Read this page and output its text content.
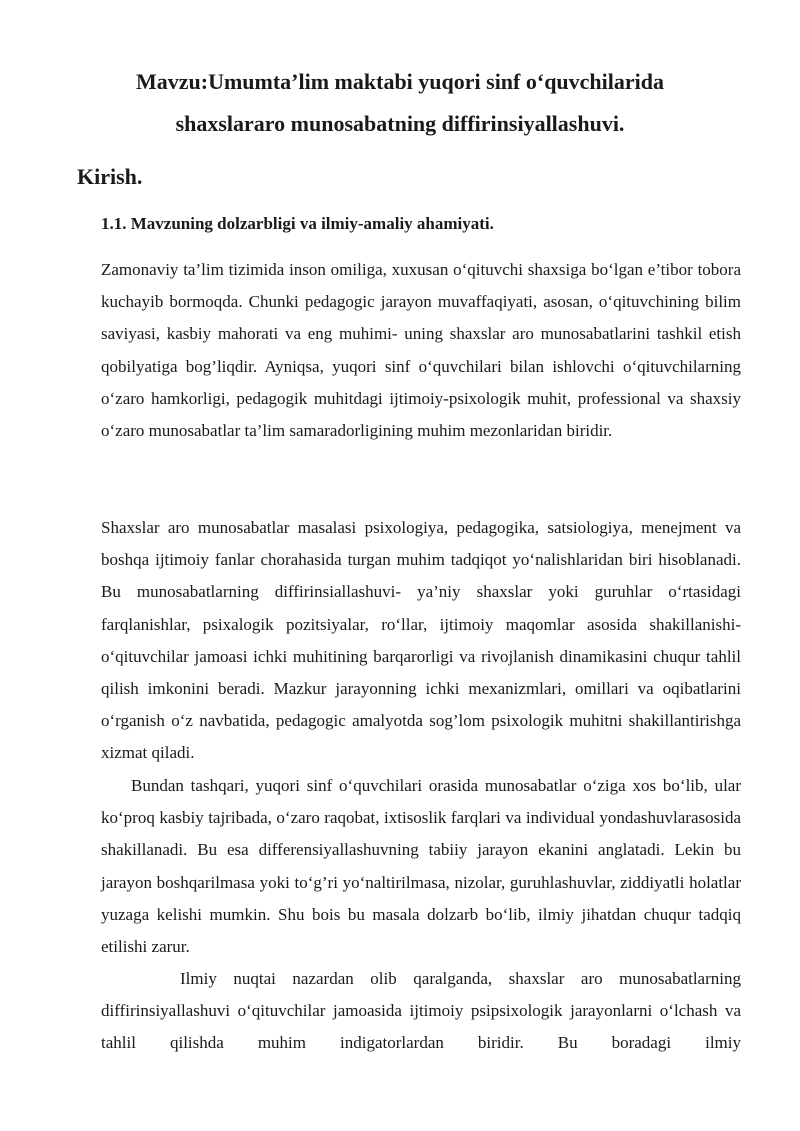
Mavzu:Umumta’lim maktabi yuqori sinf o‘quvchilarida
shaxslararo munosabatning diffirinsiyallashuvi.
Kirish.
1.1. Mavzuning dolzarbligi va ilmiy-amaliy ahamiyati.

Zamonaviy ta’lim tizimida inson omiliga, xuxusan o‘qituvchi shaxsiga bo‘lgan e’tibor tobora kuchayib bormoqda. Chunki pedagogic jarayon muvaffaqiyati, asosan, o‘qituvchining bilim saviyasi, kasbiy mahorati va eng muhimi- uning shaxslar aro munosabatlarini tashkil etish qobilyatiga bog’liqdir. Ayniqsa, yuqori sinf o‘quvchilari bilan ishlovchi o‘qituvchilarning o‘zaro hamkorligi, pedagogik muhitdagi ijtimoiy-psixologik muhit, professional va shaxsiy o‘zaro munosabatlar ta’lim samaradorligining muhim mezonlaridan biridir.

Shaxslar aro munosabatlar masalasi psixologiya, pedagogika, satsiologiya, menejment va boshqa ijtimoiy fanlar chorahasida turgan muhim tadqiqot yo‘nalishlaridan biri hisoblanadi. Bu munosabatlarning diffirinsiallashuvi- ya’niy shaxslar yoki guruhlar o‘rtasidagi farqlanishlar, psixalogik pozitsiyalar, ro‘llar, ijtimoiy maqomlar asosida shakillanishi- o‘qituvchilar jamoasi ichki muhitining barqarorligi va rivojlanish dinamikasini chuqur tahlil qilish imkonini beradi. Mazkur jarayonning ichki mexanizmlari, omillari va oqibatlarini o‘rganish o‘z navbatida, pedagogic amalyotda sog’lom psixologik muhitni shakillantirishga xizmat qiladi.

Bundan tashqari, yuqori sinf o‘quvchilari orasida munosabatlar o‘ziga xos bo‘lib, ular ko‘proq kasbiy tajribada, o‘zaro raqobat, ixtisoslik farqlari va individual yondashuvlarasosida shakillanadi. Bu esa differensiyallashuvning tabiiy jarayon ekanini anglatadi. Lekin bu jarayon boshqarilmasa yoki to‘g’ri yo‘naltirilmasa, nizolar, guruhlashuvlar, ziddiyatli holatlar yuzaga kelishi mumkin. Shu bois bu masala dolzarb bo‘lib, ilmiy jihatdan chuqur tadqiq etilishi zarur.

Ilmiy nuqtai nazardan olib qaralganda, shaxslar aro munosabatlarning diffirinsiyallashuvi o‘qituvchilar jamoasida ijtimoiy psipsixologik jarayonlarni o‘lchash va tahlil qilishda muhim indigatorlardan biridir. Bu boradagi ilmiy
